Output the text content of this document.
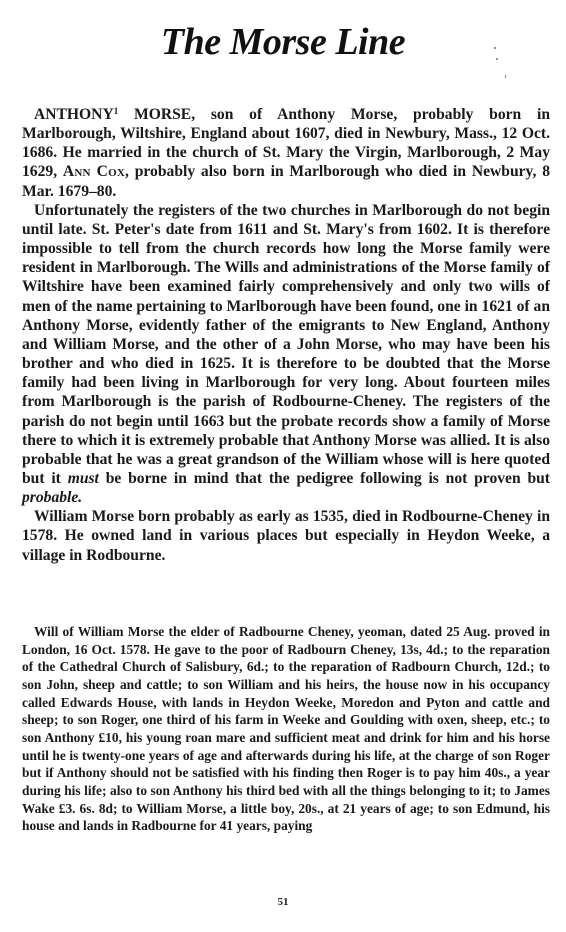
The Morse Line

ANTHONY$^1$ MORSE, son of Anthony Morse, probably born in Marlborough, Wiltshire, England about 1607, died in Newbury, Mass., 12 Oct. 1686. He married in the church of St. Mary the Virgin, Marlborough, 2 May 1629, Ann Cox, probably also born in Marlborough who died in Newbury, 8 Mar. 1679–80.

Unfortunately the registers of the two churches in Marlborough do not begin until late. St. Peter's date from 1611 and St. Mary's from 1602. It is therefore impossible to tell from the church records how long the Morse family were resident in Marlborough. The Wills and administrations of the Morse family of Wiltshire have been examined fairly comprehensively and only two wills of men of the name pertaining to Marlborough have been found, one in 1621 of an Anthony Morse, evidently father of the emigrants to New England, Anthony and William Morse, and the other of a John Morse, who may have been his brother and who died in 1625. It is therefore to be doubted that the Morse family had been living in Marlborough for very long. About fourteen miles from Marlborough is the parish of Rodbourne-Cheney. The registers of the parish do not begin until 1663 but the probate records show a family of Morse there to which it is extremely probable that Anthony Morse was allied. It is also probable that he was a great grandson of the William whose will is here quoted but it must be borne in mind that the pedigree following is not proven but probable.

William Morse born probably as early as 1535, died in Rodbourne-Cheney in 1578. He owned land in various places but especially in Heydon Weeke, a village in Rodbourne.

Will of William Morse the elder of Radbourne Cheney, yeoman, dated 25 Aug. proved in London, 16 Oct. 1578. He gave to the poor of Radbourn Cheney, 13s, 4d.; to the reparation of the Cathedral Church of Salisbury, 6d.; to the reparation of Radbourn Church, 12d.; to son John, sheep and cattle; to son William and his heirs, the house now in his occupancy called Edwards House, with lands in Heydon Weeke, Moredon and Pyton and cattle and sheep; to son Roger, one third of his farm in Weeke and Goulding with oxen, sheep, etc.; to son Anthony £10, his young roan mare and sufficient meat and drink for him and his horse until he is twenty-one years of age and afterwards during his life, at the charge of son Roger but if Anthony should not be satisfied with his finding then Roger is to pay him 40s., a year during his life; also to son Anthony his third bed with all the things belonging to it; to James Wake £3. 6s. 8d; to William Morse, a little boy, 20s., at 21 years of age; to son Edmund, his house and lands in Radbourne for 41 years, paying

51
